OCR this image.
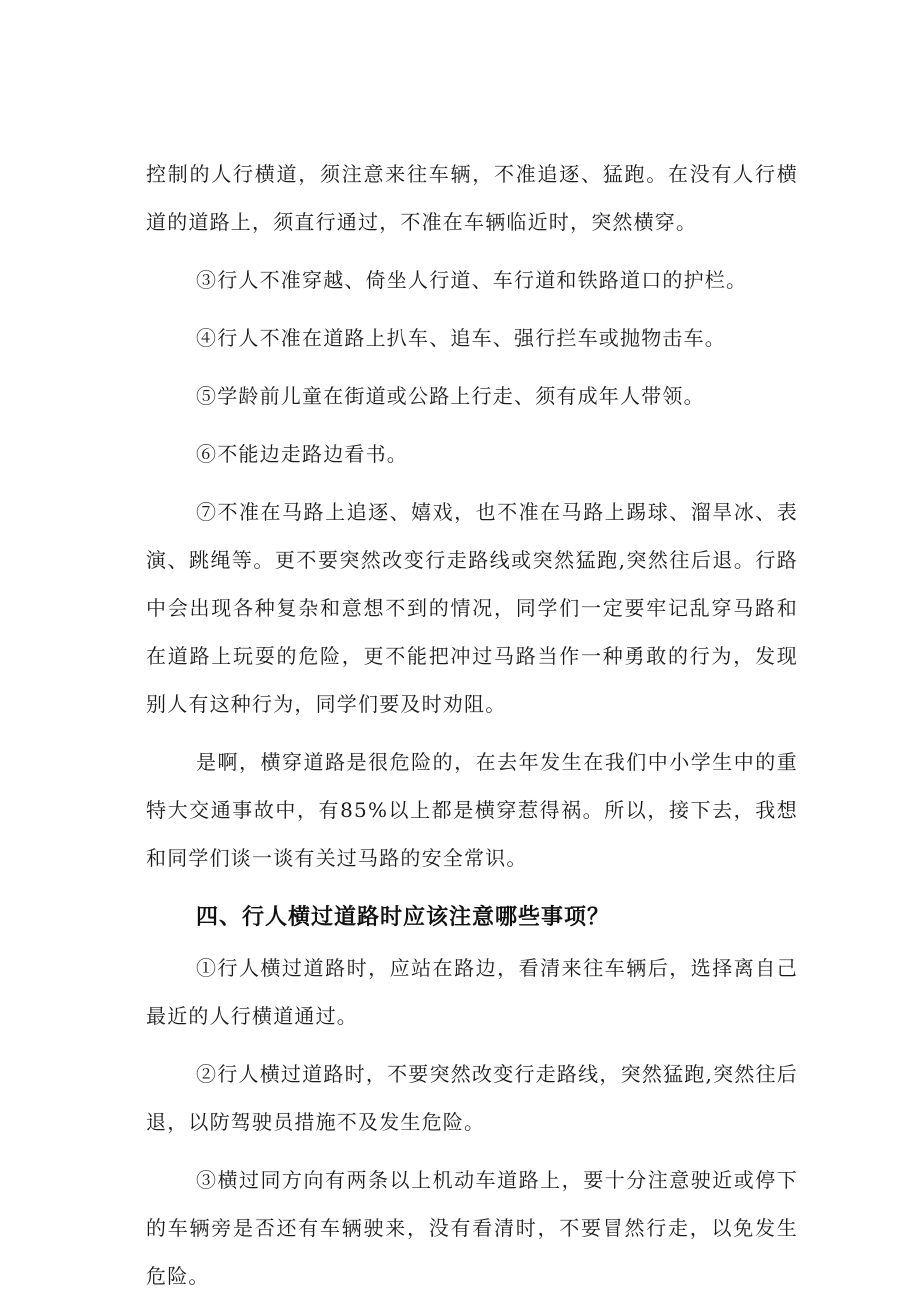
控制的人行横道，须注意来往车辆，不准追逐、猛跑。在没有人行横道的道路上，须直行通过，不准在车辆临近时，突然横穿。

③行人不准穿越、倚坐人行道、车行道和铁路道口的护栏。

④行人不准在道路上扒车、追车、强行拦车或抛物击车。

⑤学龄前儿童在街道或公路上行走、须有成年人带领。

⑥不能边走路边看书。

⑦不准在马路上追逐、嬉戏，也不准在马路上踢球、溜旱冰、表演、跳绳等。更不要突然改变行走路线或突然猛跑,突然往后退。行路中会出现各种复杂和意想不到的情况，同学们一定要牢记乱穿马路和在道路上玩耍的危险，更不能把冲过马路当作一种勇敢的行为，发现别人有这种行为，同学们要及时劝阻。

是啊，横穿道路是很危险的，在去年发生在我们中小学生中的重特大交通事故中，有85%以上都是横穿惹得祸。所以，接下去，我想和同学们谈一谈有关过马路的安全常识。

四、行人横过道路时应该注意哪些事项？

①行人横过道路时，应站在路边，看清来往车辆后，选择离自己最近的人行横道通过。

②行人横过道路时，不要突然改变行走路线，突然猛跑,突然往后退，以防驾驶员措施不及发生危险。

③横过同方向有两条以上机动车道路上，要十分注意驶近或停下的车辆旁是否还有车辆驶来，没有看清时，不要冒然行走，以免发生危险。
